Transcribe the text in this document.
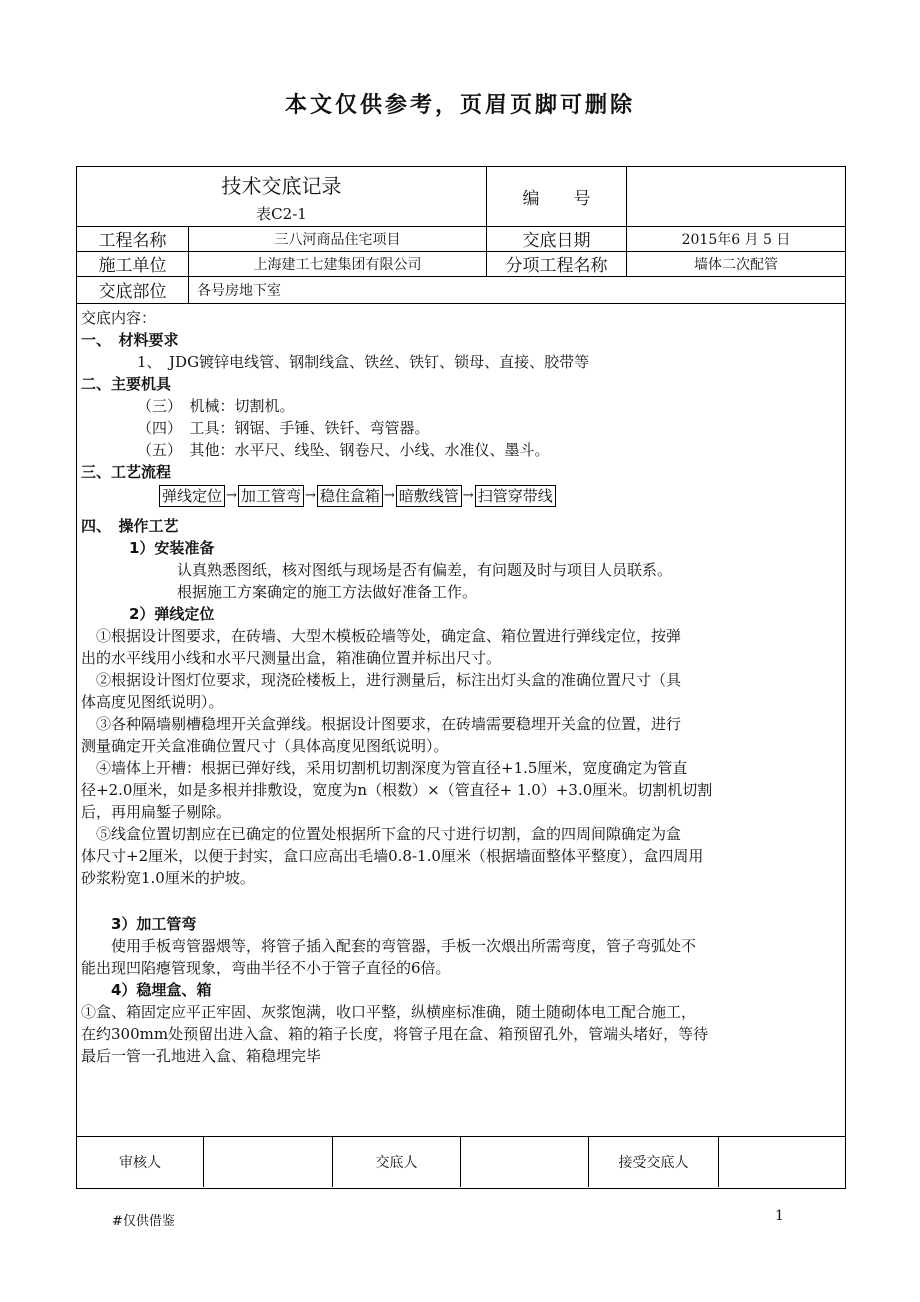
本文仅供参考，页眉页脚可删除
技术交底记录
表C2-1
编　　号
工程名称	三八河商品住宅项目	交底日期	2015年6 月 5 日
施工单位	上海建工七建集团有限公司	分项工程名称	墙体二次配管
交底部位	各号房地下室
交底内容：
一、　材料要求
1、　JDG镀锌电线管、钢制线盒、铁丝、铁钉、锁母、直接、胶带等
二、主要机具
（三）　机械：切割机。
（四）　工具：钢锯、手锤、铁钎、弯管器。
（五）　其他：水平尺、线坠、钢卷尺、小线、水准仪、墨斗。
三、工艺流程
弹线定位 → 加工管弯 → 稳住盒箱 → 暗敷线管 → 扫管穿带线
四、　操作工艺
1）安装准备
认真熟悉图纸，核对图纸与现场是否有偏差，有问题及时与项目人员联系。
根据施工方案确定的施工方法做好准备工作。
2）弹线定位
①根据设计图要求，在砖墙、大型木模板砼墙等处，确定盒、箱位置进行弹线定位，按弹
出的水平线用小线和水平尺测量出盒，箱准确位置并标出尺寸。
②根据设计图灯位要求，现浇砼楼板上，进行测量后，标注出灯头盒的准确位置尺寸（具
体高度见图纸说明）。
③各种隔墙剔槽稳埋开关盒弹线。根据设计图要求，在砖墙需要稳埋开关盒的位置，进行
测量确定开关盒准确位置尺寸（具体高度见图纸说明）。
④墙体上开槽：根据已弹好线，采用切割机切割深度为管直径+1.5厘米，宽度确定为管直
径+2.0厘米，如是多根并排敷设，宽度为n（根数）×（管直径+ 1.0）+3.0厘米。切割机切割
后，再用扁錾子剔除。
⑤线盒位置切割应在已确定的位置处根据所下盒的尺寸进行切割，盒的四周间隙确定为盒
体尺寸+2厘米，以便于封实，盒口应高出毛墙0.8-1.0厘米（根据墙面整体平整度），盒四周用
砂浆粉宽1.0厘米的护坡。
3）加工管弯
使用手板弯管器煨等，将管子插入配套的弯管器，手板一次煨出所需弯度，管子弯弧处不
能出现凹陷瘪管现象，弯曲半径不小于管子直径的6倍。
4）稳埋盒、箱
①盒、箱固定应平正牢固、灰浆饱满，收口平整，纵横座标准确，随土随砌体电工配合施工，
在约300mm处预留出进入盒、箱的箱子长度，将管子甩在盒、箱预留孔外，管端头堵好，等待
最后一管一孔地进入盒、箱稳埋完毕
审核人	交底人	接受交底人
#仅供借鉴	1
